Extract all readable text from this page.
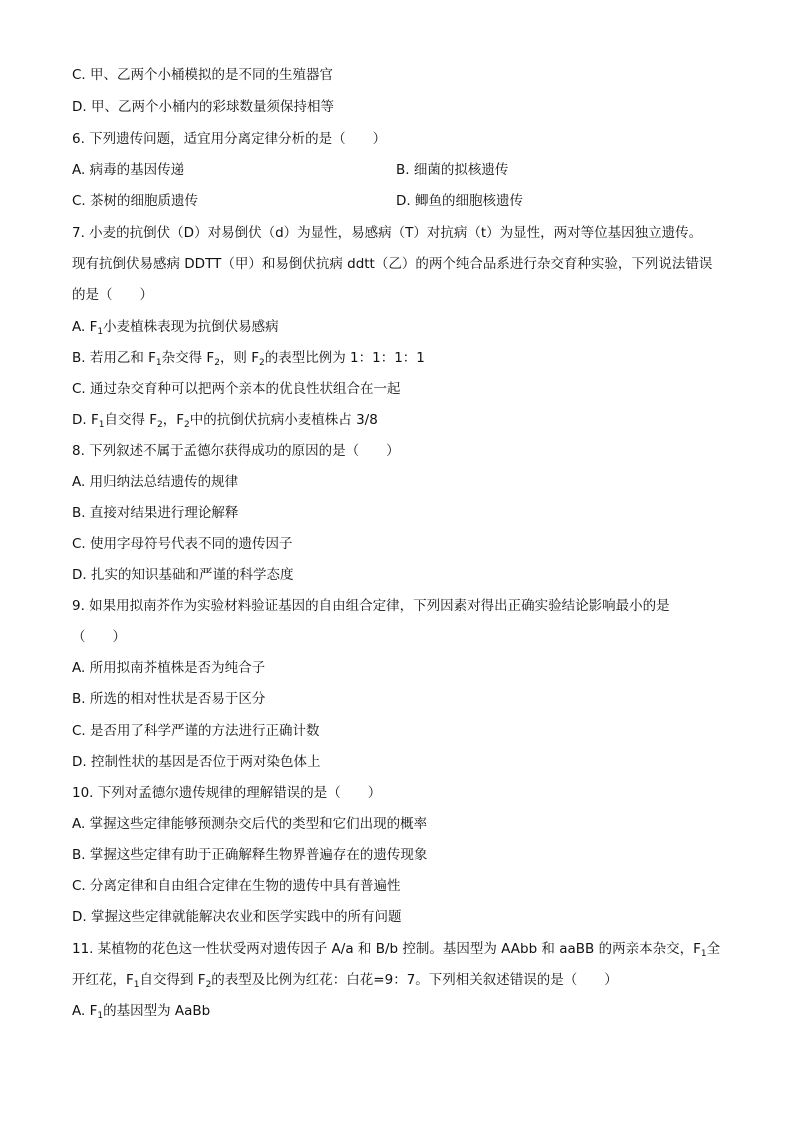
C. 甲、乙两个小桶模拟的是不同的生殖器官
D. 甲、乙两个小桶内的彩球数量须保持相等
6. 下列遗传问题，适宜用分离定律分析的是（　　）
A. 病毒的基因传递	B. 细菌的拟核遗传
C. 茶树的细胞质遗传	D. 鲫鱼的细胞核遗传
7. 小麦的抗倒伏（D）对易倒伏（d）为显性，易感病（T）对抗病（t）为显性，两对等位基因独立遗传。
现有抗倒伏易感病 DDTT（甲）和易倒伏抗病 ddtt（乙）的两个纯合品系进行杂交育种实验，下列说法错误
的是（　　）
A. $F_1$小麦植株表现为抗倒伏易感病
B. 若用乙和 $F_1$杂交得 $F_2$，则 $F_2$的表型比例为 1：1：1：1
C. 通过杂交育种可以把两个亲本的优良性状组合在一起
D. $F_1$自交得 $F_2$，$F_2$中的抗倒伏抗病小麦植株占 3/8
8. 下列叙述不属于孟德尔获得成功的原因的是（　　）
A. 用归纳法总结遗传的规律
B. 直接对结果进行理论解释
C. 使用字母符号代表不同的遗传因子
D. 扎实的知识基础和严谨的科学态度
9. 如果用拟南芥作为实验材料验证基因的自由组合定律，下列因素对得出正确实验结论影响最小的是
（　　）
A. 所用拟南芥植株是否为纯合子
B. 所选的相对性状是否易于区分
C. 是否用了科学严谨的方法进行正确计数
D. 控制性状的基因是否位于两对染色体上
10. 下列对孟德尔遗传规律的理解错误的是（　　）
A. 掌握这些定律能够预测杂交后代的类型和它们出现的概率
B. 掌握这些定律有助于正确解释生物界普遍存在的遗传现象
C. 分离定律和自由组合定律在生物的遗传中具有普遍性
D. 掌握这些定律就能解决农业和医学实践中的所有问题
11. 某植物的花色这一性状受两对遗传因子 A/a 和 B/b 控制。基因型为 AAbb 和 aaBB 的两亲本杂交，$F_1$全
开红花，$F_1$自交得到 $F_2$的表型及比例为红花：白花=9：7。下列相关叙述错误的是（　　）
A. $F_1$的基因型为 AaBb
